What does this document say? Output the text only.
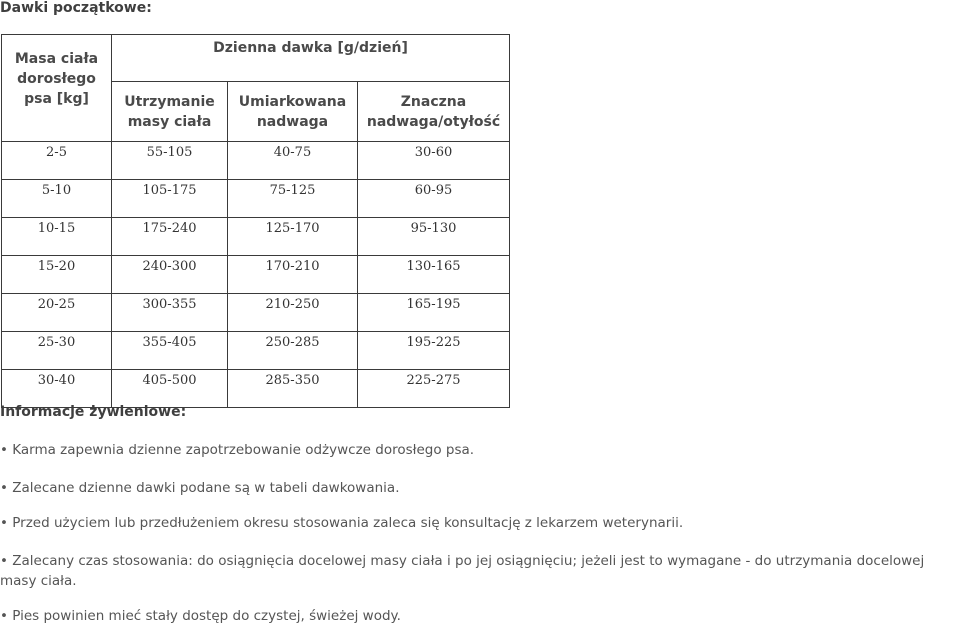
Dawki początkowe:
Masa ciała dorosłego psa [kg]	Dzienna dawka [g/dzień]		
	Utrzymanie masy ciała	Umiarkowana nadwaga	Znaczna nadwaga/otyłość
2-5	55-105	40-75	30-60
5-10	105-175	75-125	60-95
10-15	175-240	125-170	95-130
15-20	240-300	170-210	130-165
20-25	300-355	210-250	165-195
25-30	355-405	250-285	195-225
30-40	405-500	285-350	225-275
Informacje żywieniowe:

• Karma zapewnia dzienne zapotrzebowanie odżywcze dorosłego psa.

• Zalecane dzienne dawki podane są w tabeli dawkowania.

• Przed użyciem lub przedłużeniem okresu stosowania zaleca się konsultację z lekarzem weterynarii.

• Zalecany czas stosowania: do osiągnięcia docelowej masy ciała i po jej osiągnięciu; jeżeli jest to wymagane - do utrzymania docelowej masy ciała.

• Pies powinien mieć stały dostęp do czystej, świeżej wody.
